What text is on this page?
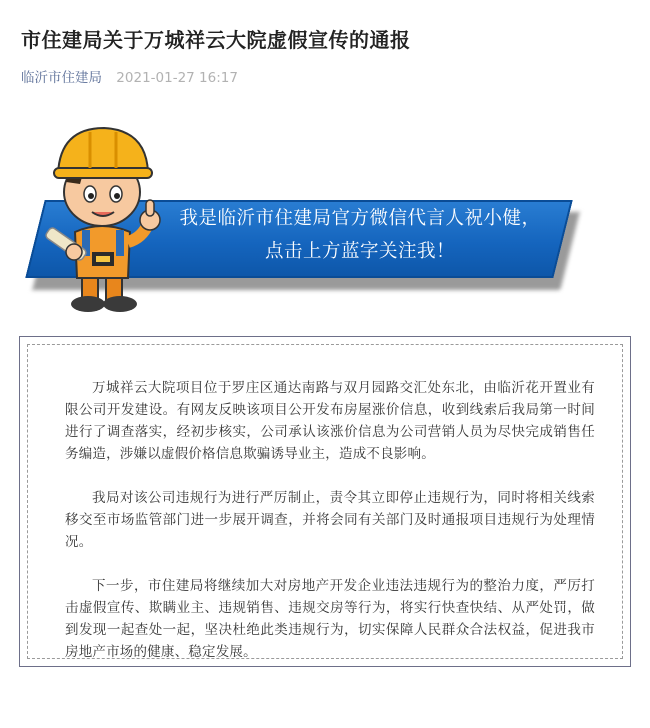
市住建局关于万城祥云大院虚假宣传的通报
临沂市住建局 2021-01-27 16:17
我是临沂市住建局官方微信代言人祝小健，
点击上方蓝字关注我！

万城祥云大院项目位于罗庄区通达南路与双月园路交汇处东北，由临沂花开置业有限公司开发建设。有网友反映该项目公开发布房屋涨价信息，收到线索后我局第一时间进行了调查落实，经初步核实，公司承认该涨价信息为公司营销人员为尽快完成销售任务编造，涉嫌以虚假价格信息欺骗诱导业主，造成不良影响。

我局对该公司违规行为进行严厉制止，责令其立即停止违规行为，同时将相关线索移交至市场监管部门进一步展开调查，并将会同有关部门及时通报项目违规行为处理情况。

下一步，市住建局将继续加大对房地产开发企业违法违规行为的整治力度，严厉打击虚假宣传、欺瞒业主、违规销售、违规交房等行为，将实行快查快结、从严处罚，做到发现一起查处一起，坚决杜绝此类违规行为，切实保障人民群众合法权益，促进我市房地产市场的健康、稳定发展。
